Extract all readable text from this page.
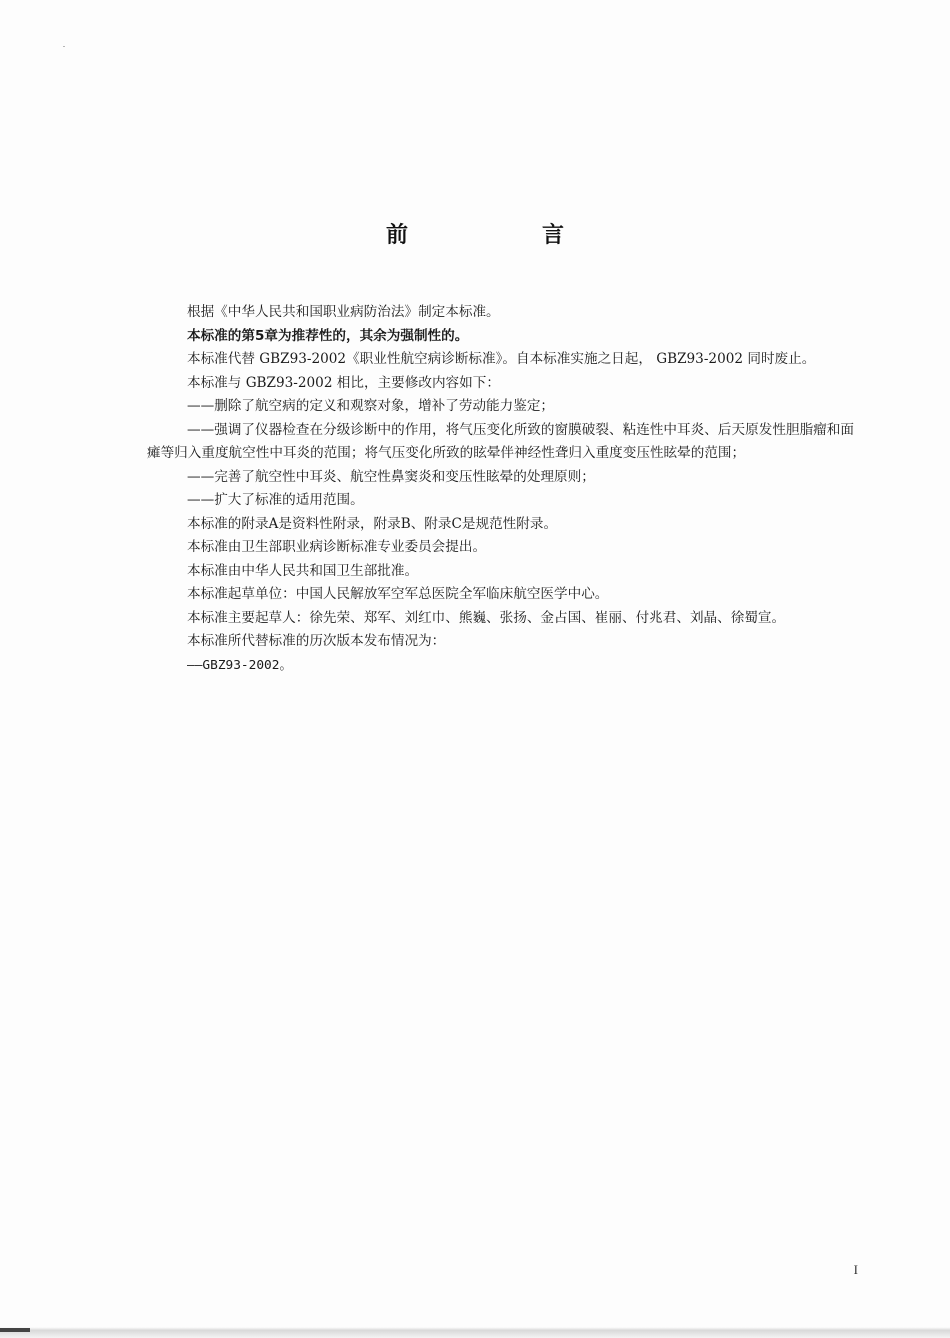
前　言

根据《中华人民共和国职业病防治法》制定本标准。

本标准的第5章为推荐性的，其余为强制性的。

本标准代替 GBZ93-2002《职业性航空病诊断标准》。自本标准实施之日起， GBZ93-2002 同时废止。

本标准与 GBZ93-2002 相比，主要修改内容如下：

——删除了航空病的定义和观察对象，增补了劳动能力鉴定；

——强调了仪器检查在分级诊断中的作用，将气压变化所致的窗膜破裂、粘连性中耳炎、后天原发性胆脂瘤和面瘫等归入重度航空性中耳炎的范围；将气压变化所致的眩晕伴神经性聋归入重度变压性眩晕的范围；

——完善了航空性中耳炎、航空性鼻窦炎和变压性眩晕的处理原则；

——扩大了标准的适用范围。

本标准的附录A是资料性附录，附录B、附录C是规范性附录。

本标准由卫生部职业病诊断标准专业委员会提出。

本标准由中华人民共和国卫生部批准。

本标准起草单位：中国人民解放军空军总医院全军临床航空医学中心。

本标准主要起草人：徐先荣、郑军、刘红巾、熊巍、张扬、金占国、崔丽、付兆君、刘晶、徐蜀宣。

本标准所代替标准的历次版本发布情况为：

——GBZ93-2002。

I
